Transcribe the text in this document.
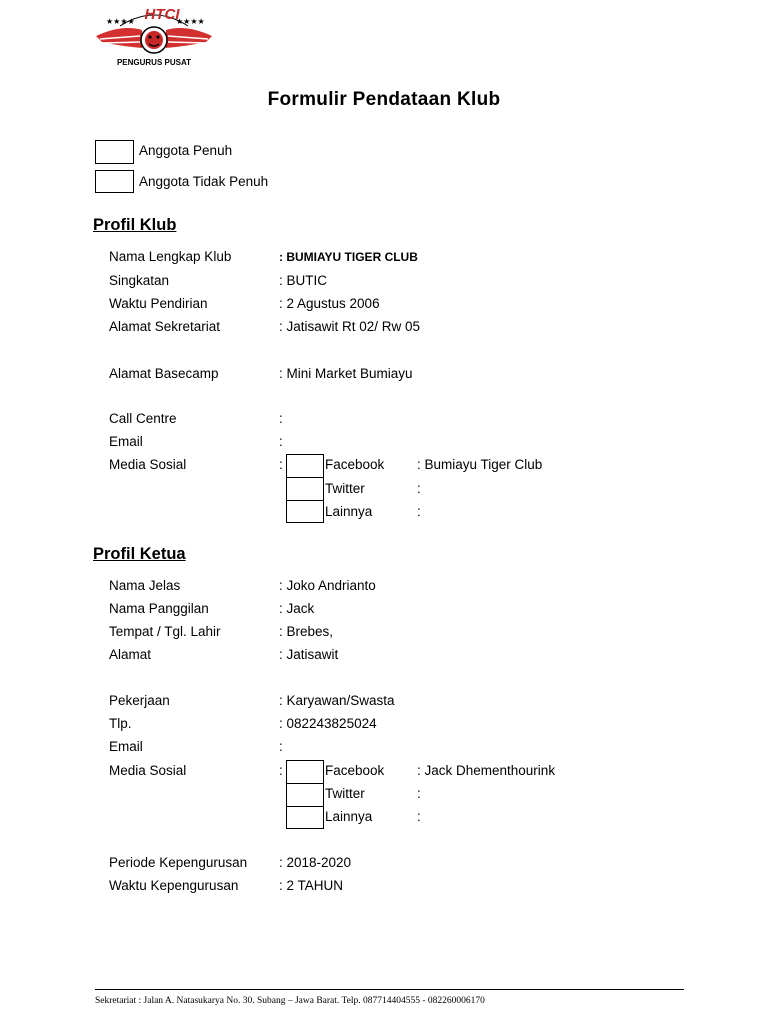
★★★★	★★★★
HTCI
PENGURUS PUSAT
Formulir Pendataan Klub
Anggota Penuh
Anggota Tidak Penuh
Profil Klub
Nama Lengkap Klub	: BUMIAYU TIGER CLUB
Singkatan	: BUTIC
Waktu Pendirian	: 2 Agustus 2006
Alamat Sekretariat	: Jatisawit Rt 02/ Rw 05
Alamat Basecamp	: Mini Market Bumiayu
Call Centre	:
Email	:
Media Sosial	:	Facebook : Bumiayu Tiger Club
Twitter	:
Lainnya	:
Profil Ketua
Nama Jelas	: Joko Andrianto
Nama Panggilan	: Jack
Tempat / Tgl. Lahir	: Brebes,
Alamat	: Jatisawit
Pekerjaan	: Karyawan/Swasta
Tlp.	: 082243825024
Email	:
Media Sosial	:	Facebook : Jack Dhementhourink
Twitter	:
Lainnya	:
Periode Kepengurusan : 2018-2020
Waktu Kepengurusan	: 2 TAHUN
Sekretariat : Jalan A. Natasukarya No. 30. Subang – Jawa Barat. Telp. 087714404555 - 082260006170
